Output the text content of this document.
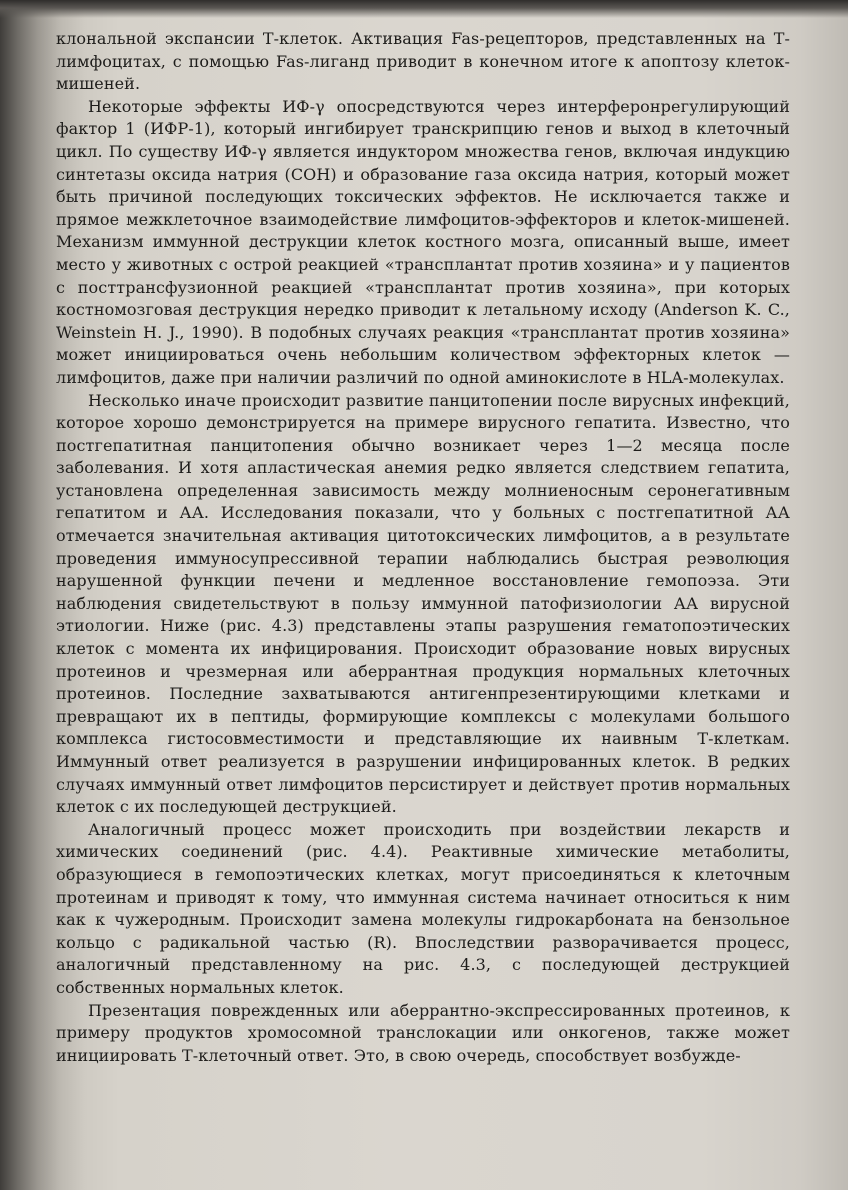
клональной экспансии Т-клеток. Активация Fas-рецепторов, представленных на Т-лимфоцитах, с помощью Fas-лиганд приводит в конечном итоге к апоптозу клеток-мишеней.

Некоторые эффекты ИФ-γ опосредствуются через интерферонрегулирующий фактор 1 (ИФР-1), который ингибирует транскрипцию генов и выход в клеточный цикл. По существу ИФ-γ является индуктором множества генов, включая индукцию синтетазы оксида натрия (СОН) и образование газа оксида натрия, который может быть причиной последующих токсических эффектов. Не исключается также и прямое межклеточное взаимодействие лимфоцитов-эффекторов и клеток-мишеней. Механизм иммунной деструкции клеток костного мозга, описанный выше, имеет место у животных с острой реакцией «трансплантат против хозяина» и у пациентов с посттрансфузионной реакцией «трансплантат против хозяина», при которых костномозговая деструкция нередко приводит к летальному исходу (Anderson K. C., Weinstein H. J., 1990). В подобных случаях реакция «трансплантат против хозяина» может инициироваться очень небольшим количеством эффекторных клеток — лимфоцитов, даже при наличии различий по одной аминокислоте в HLA-молекулах.

Несколько иначе происходит развитие панцитопении после вирусных инфекций, которое хорошо демонстрируется на примере вирусного гепатита. Известно, что постгепатитная панцитопения обычно возникает через 1—2 месяца после заболевания. И хотя апластическая анемия редко является следствием гепатита, установлена определенная зависимость между молниеносным серонегативным гепатитом и АА. Исследования показали, что у больных с постгепатитной АА отмечается значительная активация цитотоксических лимфоцитов, а в результате проведения иммуносупрессивной терапии наблюдались быстрая реэволюция нарушенной функции печени и медленное восстановление гемопоэза. Эти наблюдения свидетельствуют в пользу иммунной патофизиологии АА вирусной этиологии. Ниже (рис. 4.3) представлены этапы разрушения гематопоэтических клеток с момента их инфицирования. Происходит образование новых вирусных протеинов и чрезмерная или аберрантная продукция нормальных клеточных протеинов. Последние захватываются антигенпрезентирующими клетками и превращают их в пептиды, формирующие комплексы с молекулами большого комплекса гистосовместимости и представляющие их наивным Т-клеткам. Иммунный ответ реализуется в разрушении инфицированных клеток. В редких случаях иммунный ответ лимфоцитов персистирует и действует против нормальных клеток с их последующей деструкцией.

Аналогичный процесс может происходить при воздействии лекарств и химических соединений (рис. 4.4). Реактивные химические метаболиты, образующиеся в гемопоэтических клетках, могут присоединяться к клеточным протеинам и приводят к тому, что иммунная система начинает относиться к ним как к чужеродным. Происходит замена молекулы гидрокарбоната на бензольное кольцо с радикальной частью (R). Впоследствии разворачивается процесс, аналогичный представленному на рис. 4.3, с последующей деструкцией собственных нормальных клеток.

Презентация поврежденных или аберрантно-экспрессированных протеинов, к примеру продуктов хромосомной транслокации или онкогенов, также может инициировать Т-клеточный ответ. Это, в свою очередь, способствует возбужде-
